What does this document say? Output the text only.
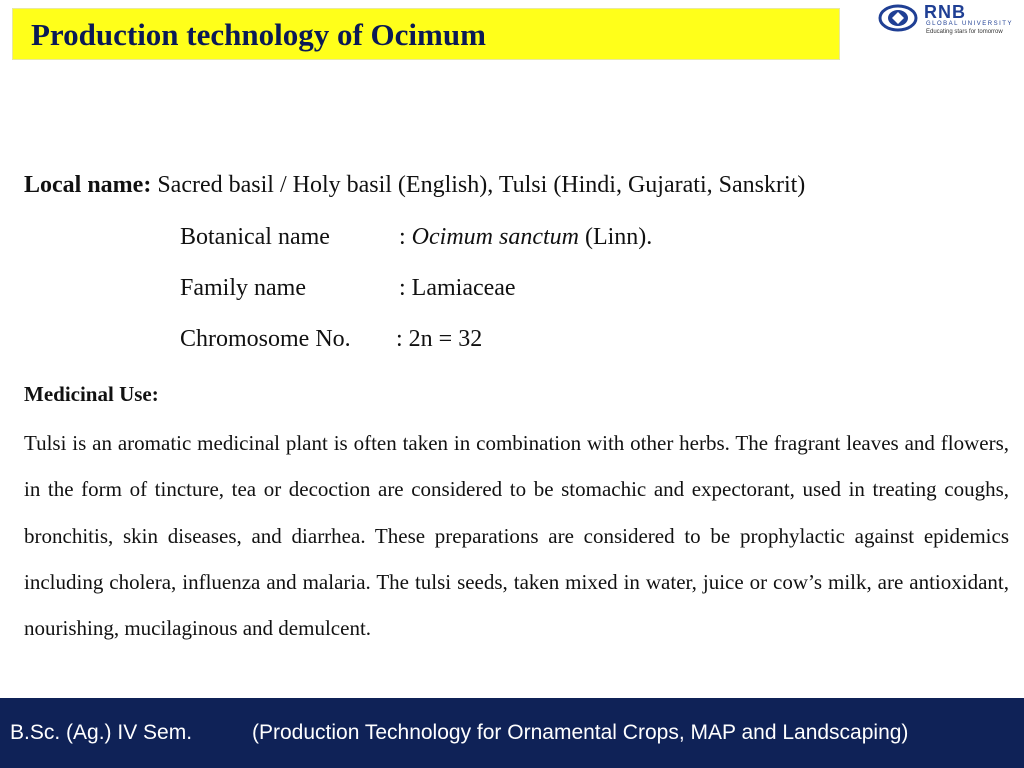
Production technology of Ocimum
RNB
GLOBAL UNIVERSITY
Educating stars for tomorrow
Local name: Sacred basil / Holy basil (English), Tulsi (Hindi, Gujarati, Sanskrit)
Botanical name	: Ocimum sanctum (Linn).
Family name	: Lamiaceae
Chromosome No. : 2n = 32
Medicinal Use:
Tulsi is an aromatic medicinal plant is often taken in combination with other herbs. The fragrant leaves and flowers, in the form of tincture, tea or decoction are considered to be stomachic and expectorant, used in treating coughs, bronchitis, skin diseases, and diarrhea. These preparations are considered to be prophylactic against epidemics including cholera, influenza and malaria. The tulsi seeds, taken mixed in water, juice or cow’s milk, are antioxidant, nourishing, mucilaginous and demulcent.
B.Sc. (Ag.) IV Sem.	(Production Technology for Ornamental Crops, MAP and Landscaping)
